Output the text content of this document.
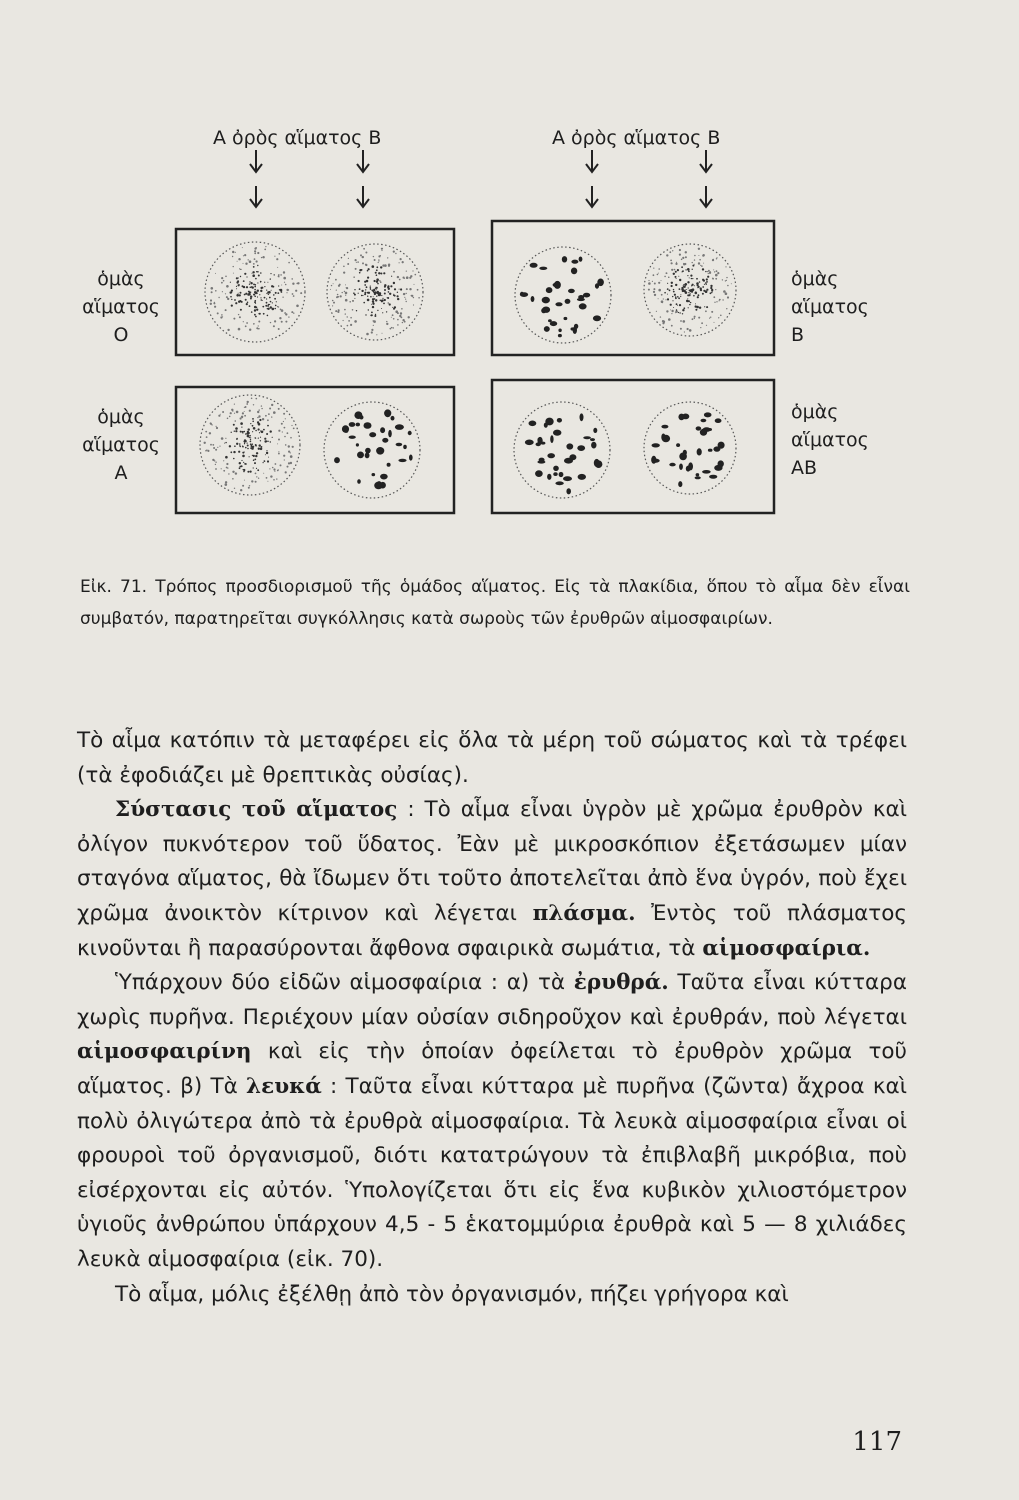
A ὀρὸς αἵματος B	A ὀρὸς αἵματος B
ὁμὰς
αἵματος
O
ὁμὰς
αἵματος
A
ὁμὰς
αἵματος
B
ὁμὰς
αἵματος
AB

Εἰκ. 71. Τρόπος προσδιορισμοῦ τῆς ὁμάδος αἵματος. Εἰς τὰ πλακίδια, ὅπου τὸ αἷμα δὲν εἶναι συμβατόν, παρατηρεῖται συγκόλλησις κατὰ σωροὺς τῶν ἐρυθρῶν αἱμοσφαιρίων.

Τὸ αἷμα κατόπιν τὰ μεταφέρει εἰς ὅλα τὰ μέρη τοῦ σώματος καὶ τὰ τρέφει (τὰ ἐφοδιάζει μὲ θρεπτικὰς οὐσίας).

Σύστασις τοῦ αἵματος : Τὸ αἷμα εἶναι ὑγρὸν μὲ χρῶμα ἐρυθρὸν καὶ ὀλίγον πυκνότερον τοῦ ὕδατος. Ἐὰν μὲ μικροσκόπιον ἐξετάσωμεν μίαν σταγόνα αἵματος, θὰ ἴδωμεν ὅτι τοῦτο ἀποτελεῖται ἀπὸ ἕνα ὑγρόν, ποὺ ἔχει χρῶμα ἀνοικτὸν κίτρινον καὶ λέγεται πλάσμα. Ἐντὸς τοῦ πλάσματος κινοῦνται ἢ παρασύρονται ἄφθονα σφαιρικὰ σωμάτια, τὰ αἱμοσφαίρια.

Ὑπάρχουν δύο εἰδῶν αἱμοσφαίρια : α) τὰ ἐρυθρά. Ταῦτα εἶναι κύτταρα χωρὶς πυρῆνα. Περιέχουν μίαν οὐσίαν σιδηροῦχον καὶ ἐρυθράν, ποὺ λέγεται αἱμοσφαιρίνη καὶ εἰς τὴν ὁποίαν ὀφείλεται τὸ ἐρυθρὸν χρῶμα τοῦ αἵματος. β) Τὰ λευκά : Ταῦτα εἶναι κύτταρα μὲ πυρῆνα (ζῶντα) ἄχροα καὶ πολὺ ὀλιγώτερα ἀπὸ τὰ ἐρυθρὰ αἱμοσφαίρια. Τὰ λευκὰ αἱμοσφαίρια εἶναι οἱ φρουροὶ τοῦ ὀργανισμοῦ, διότι κατατρώγουν τὰ ἐπιβλαβῆ μικρόβια, ποὺ εἰσέρχονται εἰς αὐτόν. Ὑπολογίζεται ὅτι εἰς ἕνα κυβικὸν χιλιοστόμετρον ὑγιοῦς ἀνθρώπου ὑπάρχουν 4,5 - 5 ἑκατομμύρια ἐρυθρὰ καὶ 5 — 8 χιλιάδες λευκὰ αἱμοσφαίρια (εἰκ. 70).

Τὸ αἷμα, μόλις ἐξέλθῃ ἀπὸ τὸν ὀργανισμόν, πήζει γρήγορα καὶ

117
